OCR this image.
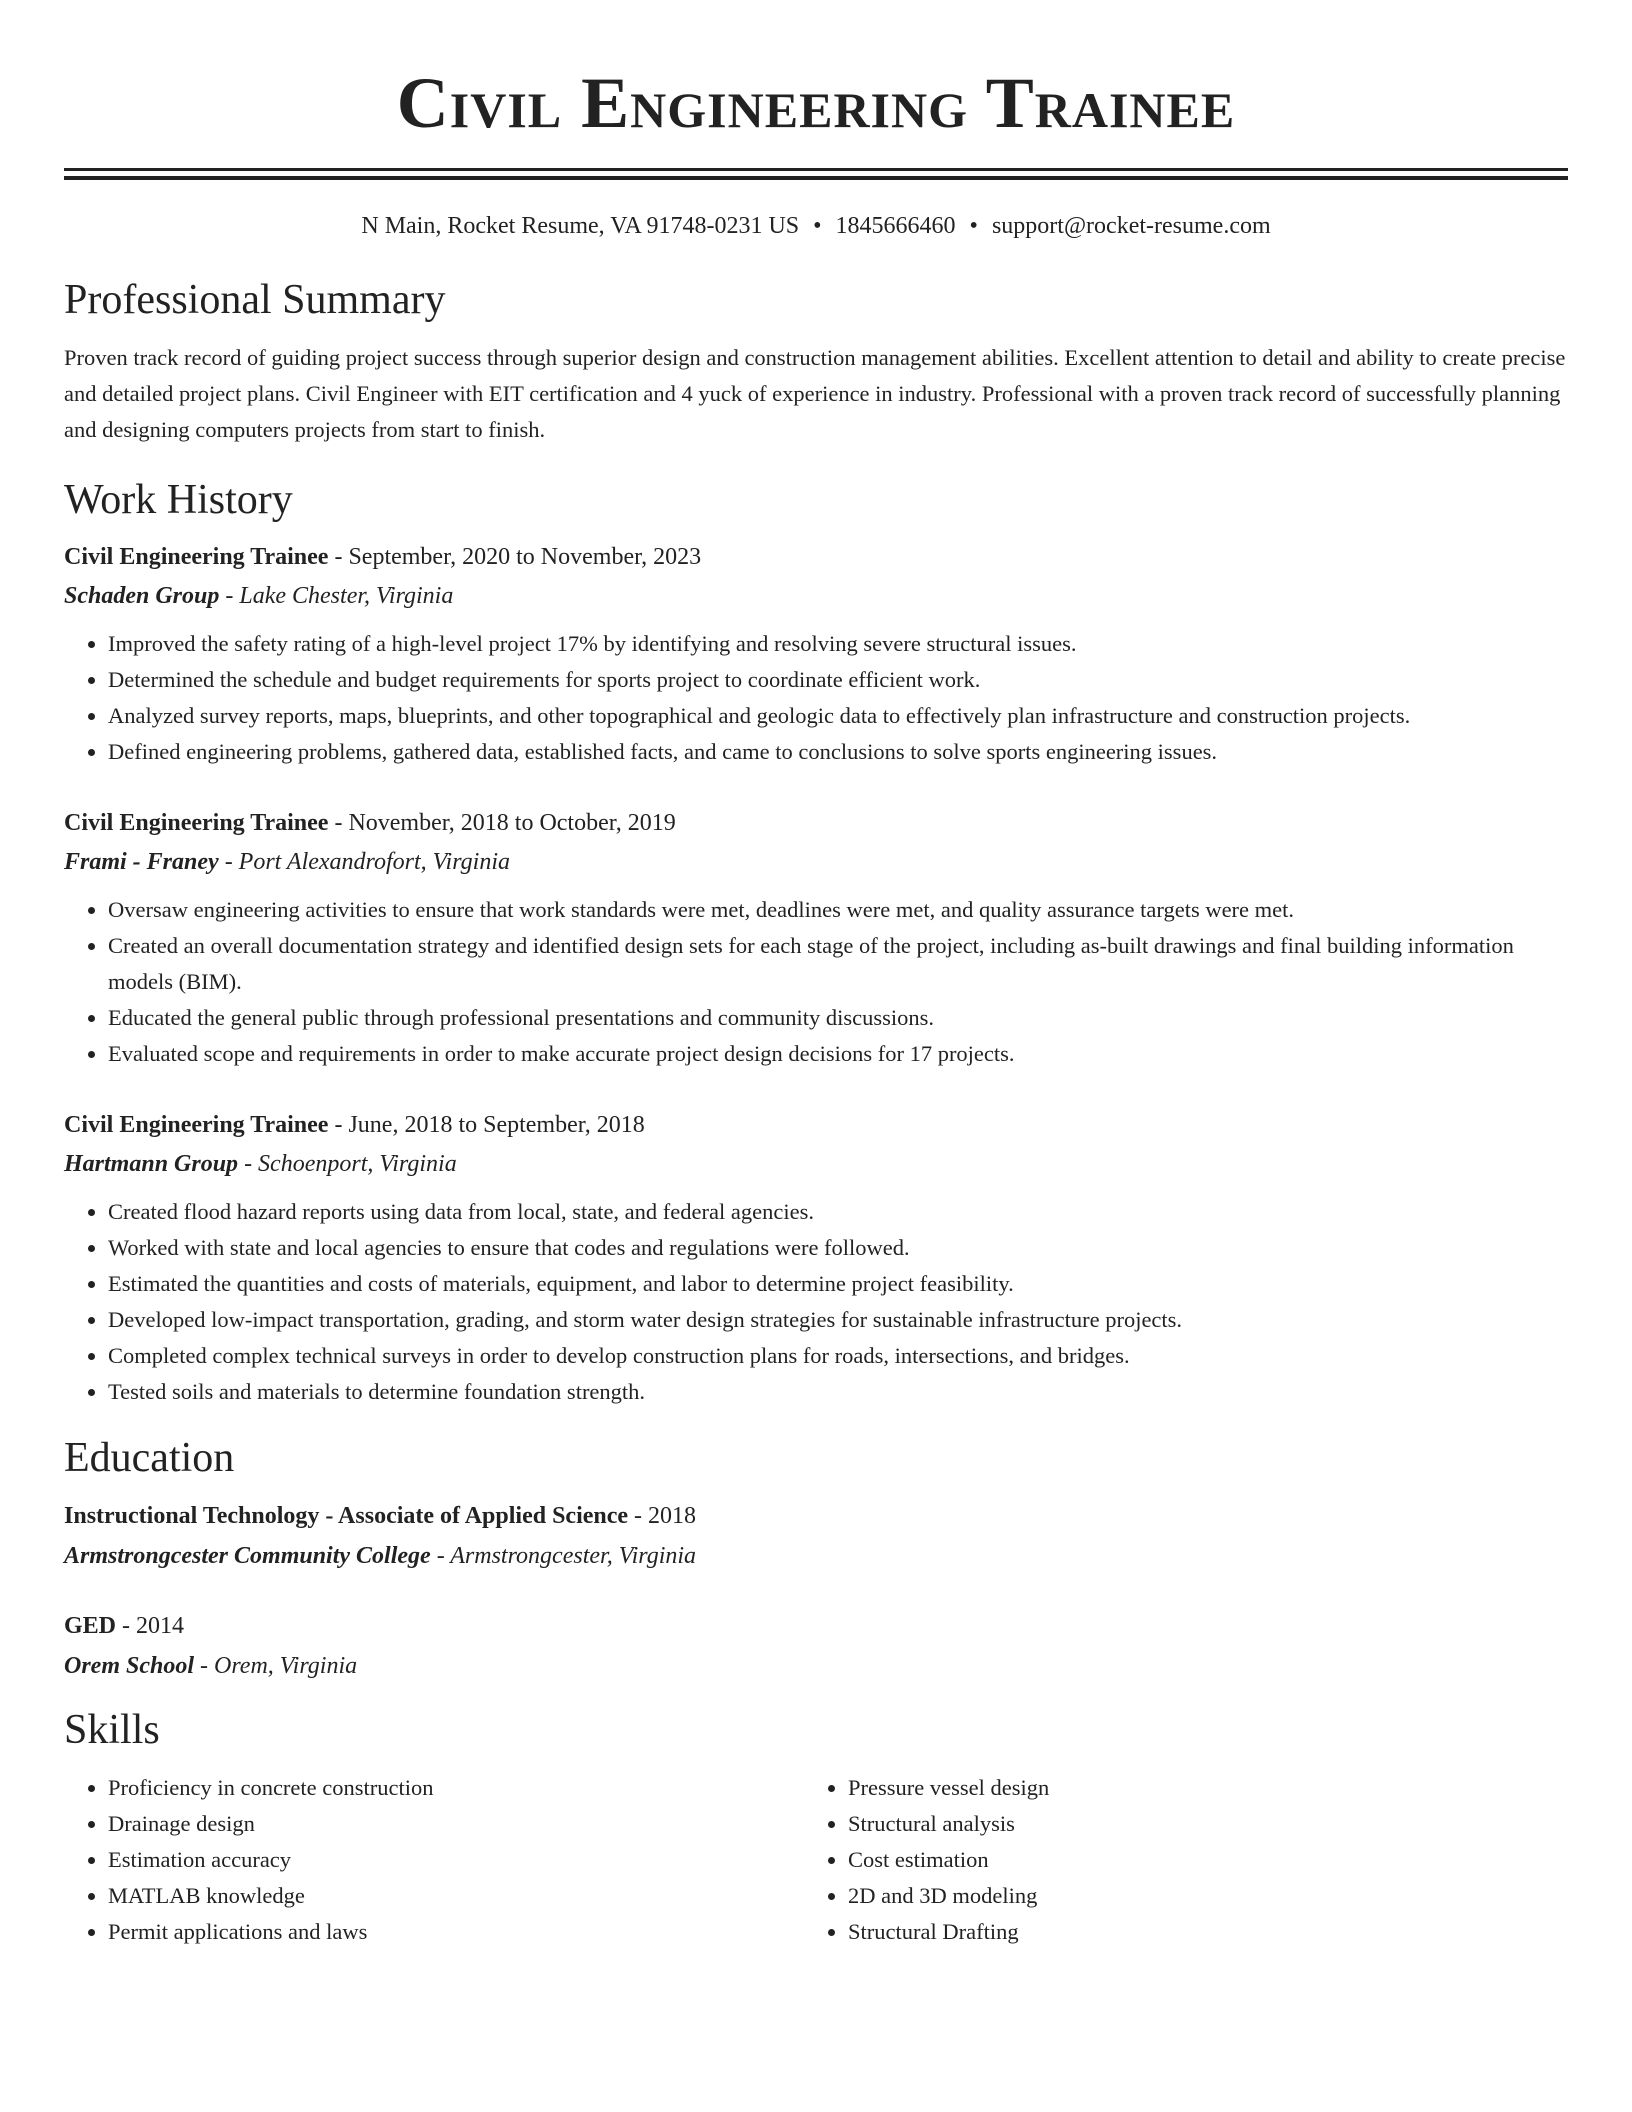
Civil Engineering Trainee
N Main, Rocket Resume, VA 91748-0231 US • 1845666460 • support@rocket-resume.com
Professional Summary
Proven track record of guiding project success through superior design and construction management abilities. Excellent attention to detail and ability to create precise and detailed project plans. Civil Engineer with EIT certification and 4 yuck of experience in industry. Professional with a proven track record of successfully planning and designing computers projects from start to finish.
Work History
Civil Engineering Trainee - September, 2020 to November, 2023
Schaden Group - Lake Chester, Virginia
• Improved the safety rating of a high-level project 17% by identifying and resolving severe structural issues.
• Determined the schedule and budget requirements for sports project to coordinate efficient work.
• Analyzed survey reports, maps, blueprints, and other topographical and geologic data to effectively plan infrastructure and construction projects.
• Defined engineering problems, gathered data, established facts, and came to conclusions to solve sports engineering issues.
Civil Engineering Trainee - November, 2018 to October, 2019
Frami - Franey - Port Alexandrofort, Virginia
• Oversaw engineering activities to ensure that work standards were met, deadlines were met, and quality assurance targets were met.
• Created an overall documentation strategy and identified design sets for each stage of the project, including as-built drawings and final building information models (BIM).
• Educated the general public through professional presentations and community discussions.
• Evaluated scope and requirements in order to make accurate project design decisions for 17 projects.
Civil Engineering Trainee - June, 2018 to September, 2018
Hartmann Group - Schoenport, Virginia
• Created flood hazard reports using data from local, state, and federal agencies.
• Worked with state and local agencies to ensure that codes and regulations were followed.
• Estimated the quantities and costs of materials, equipment, and labor to determine project feasibility.
• Developed low-impact transportation, grading, and storm water design strategies for sustainable infrastructure projects.
• Completed complex technical surveys in order to develop construction plans for roads, intersections, and bridges.
• Tested soils and materials to determine foundation strength.
Education
Instructional Technology - Associate of Applied Science - 2018
Armstrongcester Community College - Armstrongcester, Virginia
GED - 2014
Orem School - Orem, Virginia
Skills
• Proficiency in concrete construction
• Drainage design
• Estimation accuracy
• MATLAB knowledge
• Permit applications and laws
• Pressure vessel design
• Structural analysis
• Cost estimation
• 2D and 3D modeling
• Structural Drafting
